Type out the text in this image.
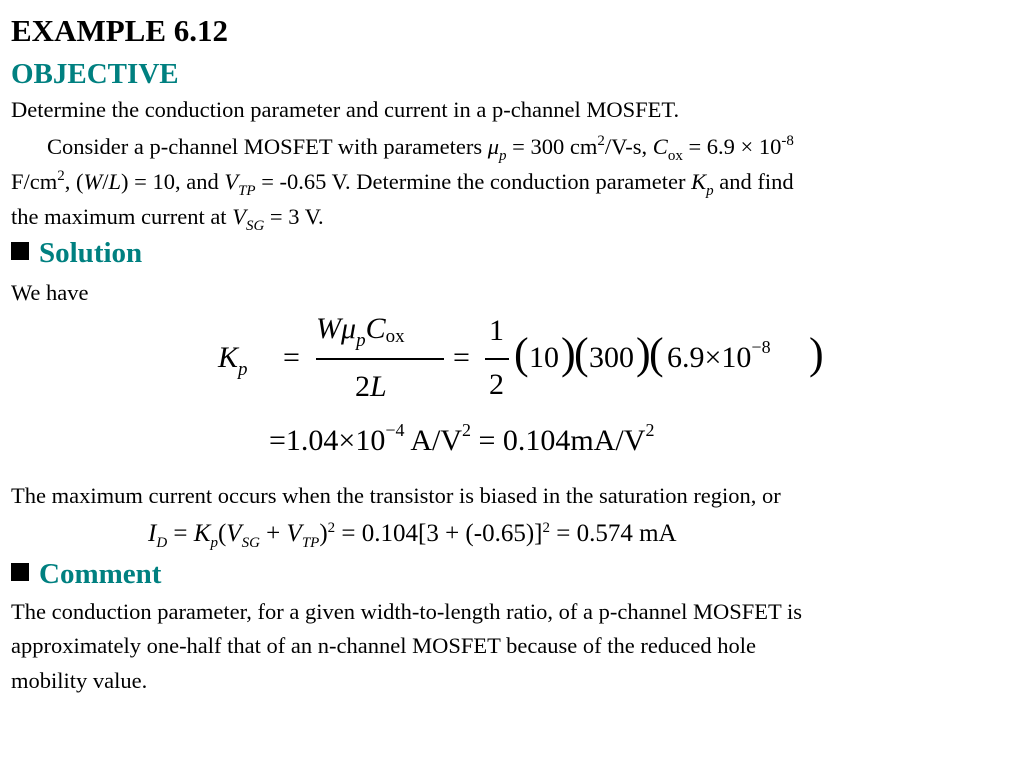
EXAMPLE 6.12
OBJECTIVE
Determine the conduction parameter and current in a p-channel MOSFET.
Consider a p-channel MOSFET with parameters $\mu_p = 300$ $cm^2/V-s$, $C_{ox} = 6.9 \times 10^{-8}$
$F/cm^2$, (W/L) = 10, and $V_{TP} = -0.65$ V. Determine the conduction parameter $K_p$ and find
the maximum current at $V_{SG} = 3$ V.
Solution
We have
$K_p$ =
$W\mu_pC_{ox}$
2L
=
1
2
( 10 )
( 300 )
( $6.9\times 10^{-8}$ )
$=1.04\times 10^{-4}$ $A/V^2 = 0.104mA/V^2$
The maximum current occurs when the transistor is biased in the saturation region, or
$I_D = K_p(V_{SG} + V_{TP})^2 = 0.104[3 + (-0.65)]^2 = 0.574$ mA
Comment
The conduction parameter, for a given width-to-length ratio, of a p-channel MOSFET is
approximately one-half that of an n-channel MOSFET because of the reduced hole
mobility value.
